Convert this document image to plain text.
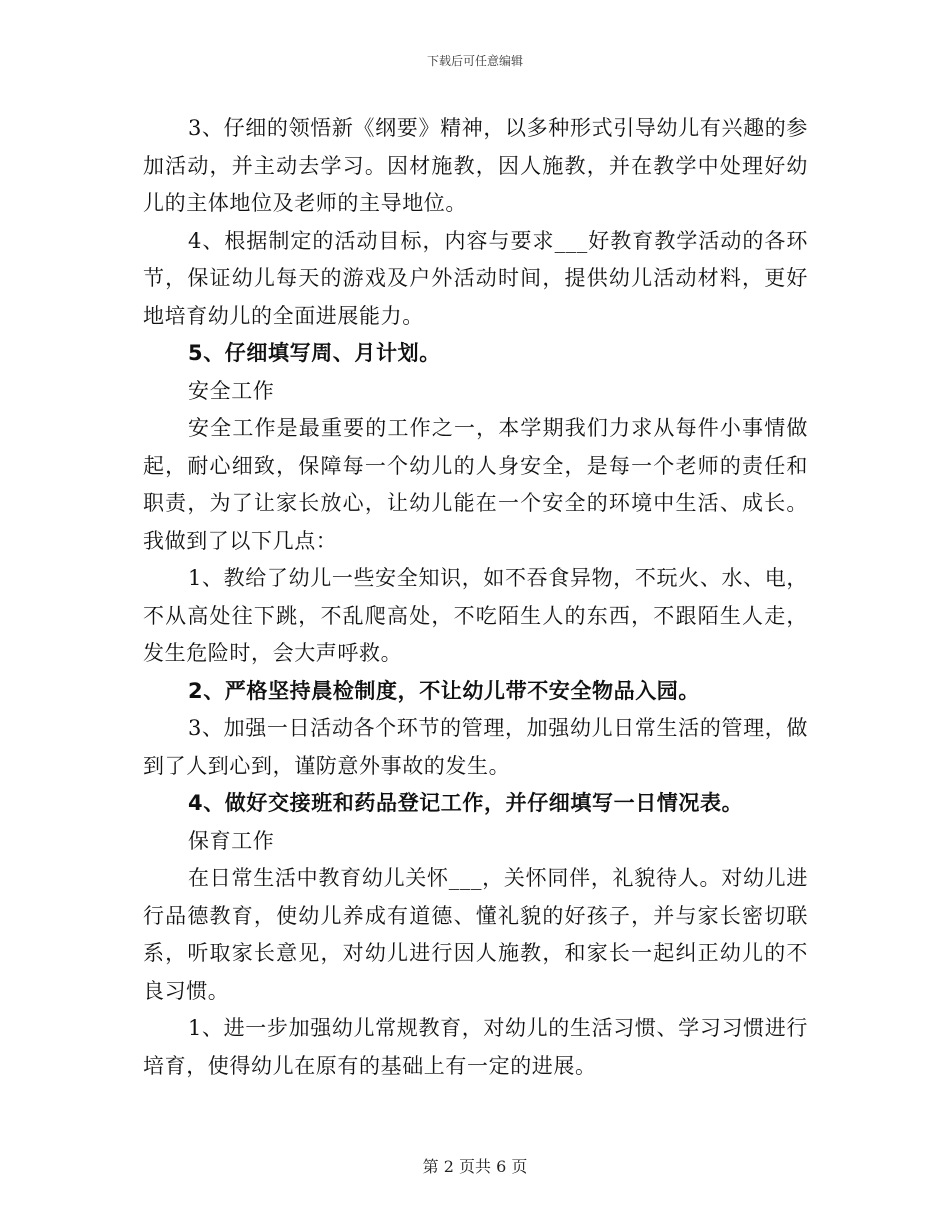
下载后可任意编辑

3、仔细的领悟新《纲要》精神，以多种形式引导幼儿有兴趣的参加活动，并主动去学习。因材施教，因人施教，并在教学中处理好幼儿的主体地位及老师的主导地位。

4、根据制定的活动目标，内容与要求___好教育教学活动的各环节，保证幼儿每天的游戏及户外活动时间，提供幼儿活动材料，更好地培育幼儿的全面进展能力。

5、仔细填写周、月计划。

安全工作

安全工作是最重要的工作之一，本学期我们力求从每件小事情做起，耐心细致，保障每一个幼儿的人身安全，是每一个老师的责任和职责，为了让家长放心，让幼儿能在一个安全的环境中生活、成长。我做到了以下几点：

1、教给了幼儿一些安全知识，如不吞食异物，不玩火、水、电，不从高处往下跳，不乱爬高处，不吃陌生人的东西，不跟陌生人走，发生危险时，会大声呼救。

2、严格坚持晨检制度，不让幼儿带不安全物品入园。

3、加强一日活动各个环节的管理，加强幼儿日常生活的管理，做到了人到心到，谨防意外事故的发生。

4、做好交接班和药品登记工作，并仔细填写一日情况表。

保育工作

在日常生活中教育幼儿关怀___，关怀同伴，礼貌待人。对幼儿进行品德教育，使幼儿养成有道德、懂礼貌的好孩子，并与家长密切联系，听取家长意见，对幼儿进行因人施教，和家长一起纠正幼儿的不良习惯。

1、进一步加强幼儿常规教育，对幼儿的生活习惯、学习习惯进行培育，使得幼儿在原有的基础上有一定的进展。

第 2 页共 6 页
